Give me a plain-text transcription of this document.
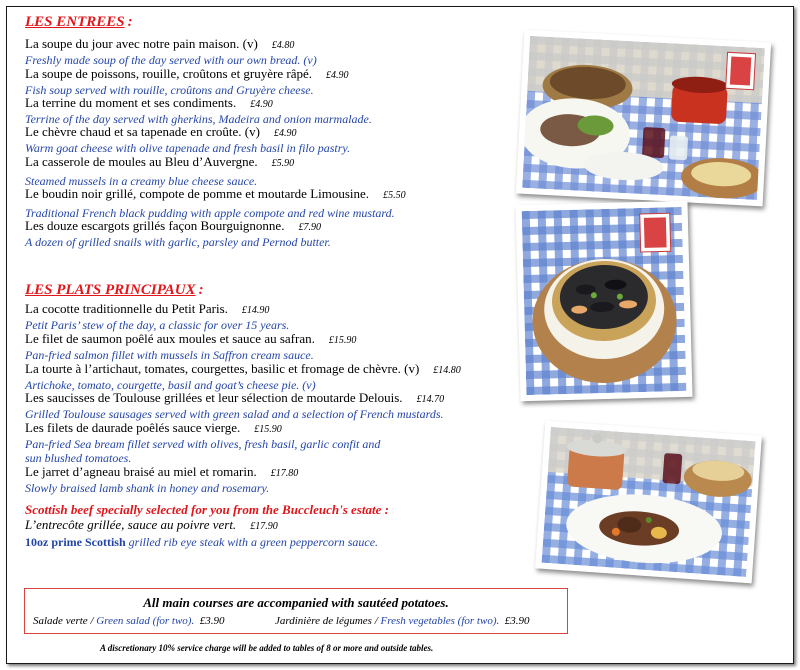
LES ENTREES :
La soupe du jour avec notre pain maison. (v) £4.80
Freshly made soup of the day served with our own bread. (v)
La soupe de poissons, rouille, croûtons et gruyère râpé. £4.90
Fish soup served with rouille, croûtons and Gruyère cheese.
La terrine du moment et ses condiments. £4.90
Terrine of the day served with gherkins, Madeira and onion marmalade.
Le chèvre chaud et sa tapenade en croûte. (v) £4.90
Warm goat cheese with olive tapenade and fresh basil in filo pastry.
La casserole de moules au Bleu d’Auvergne. £5.90
Steamed mussels in a creamy blue cheese sauce.
Le boudin noir grillé, compote de pomme et moutarde Limousine. £5.50
Traditional French black pudding with apple compote and red wine mustard.
Les douze escargots grillés façon Bourguignonne. £7.90
A dozen of grilled snails with garlic, parsley and Pernod butter.
LES PLATS PRINCIPAUX :
La cocotte traditionnelle du Petit Paris. £14.90
Petit Paris’ stew of the day, a classic for over 15 years.
Le filet de saumon poêlé aux moules et sauce au safran. £15.90
Pan-fried salmon fillet with mussels in Saffron cream sauce.
La tourte à l’artichaut, tomates, courgettes, basilic et fromage de chèvre. (v) £14.80
Artichoke, tomato, courgette, basil and goat’s cheese pie. (v)
Les saucisses de Toulouse grillées et leur sélection de moutarde Delouis. £14.70
Grilled Toulouse sausages served with green salad and a selection of French mustards.
Les filets de daurade poêlés sauce vierge. £15.90
Pan-fried Sea bream fillet served with olives, fresh basil, garlic confit and
sun blushed tomatoes.
Le jarret d’agneau braisé au miel et romarin. £17.80
Slowly braised lamb shank in honey and rosemary.
Scottish beef specially selected for you from the Buccleuch's estate :
L’entrecôte grillée, sauce au poivre vert. £17.90
10oz prime Scottish grilled rib eye steak with a green peppercorn sauce.
All main courses are accompanied with sautéed potatoes.
Salade verte / Green salad (for two). £3.90	Jardinière de légumes / Fresh vegetables (for two). £3.90
A discretionary 10% service charge will be added to tables of 8 or more and outside tables.
